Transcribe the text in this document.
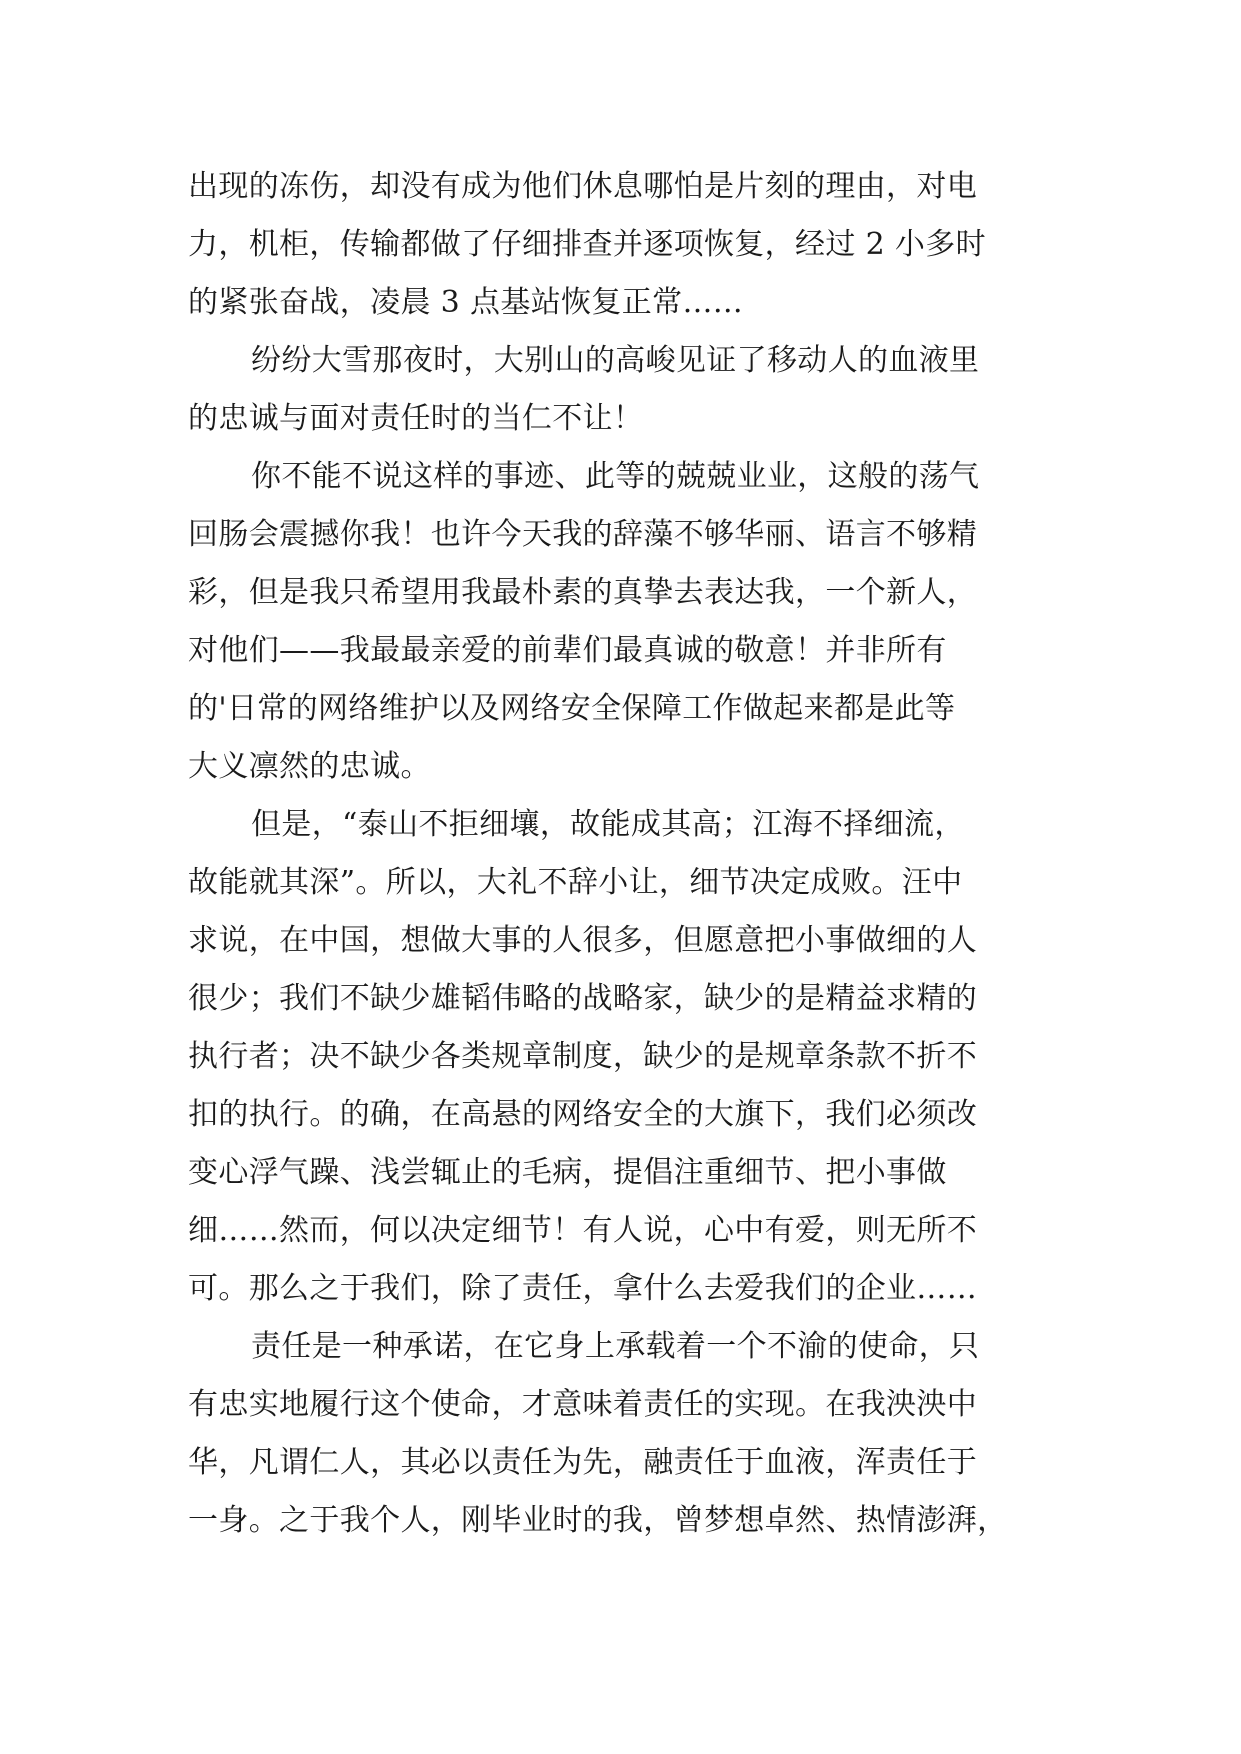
出现的冻伤，却没有成为他们休息哪怕是片刻的理由，对电
力，机柜，传输都做了仔细排查并逐项恢复，经过 2 小多时
的紧张奋战，凌晨 3 点基站恢复正常……
纷纷大雪那夜时，大别山的高峻见证了移动人的血液里
的忠诚与面对责任时的当仁不让！
你不能不说这样的事迹、此等的兢兢业业，这般的荡气
回肠会震撼你我！也许今天我的辞藻不够华丽、语言不够精
彩，但是我只希望用我最朴素的真挚去表达我，一个新人，
对他们——我最最亲爱的前辈们最真诚的敬意！并非所有
的'日常的网络维护以及网络安全保障工作做起来都是此等
大义凛然的忠诚。
但是，“泰山不拒细壤，故能成其高；江海不择细流，
故能就其深”。所以，大礼不辞小让，细节决定成败。汪中
求说，在中国，想做大事的人很多，但愿意把小事做细的人
很少；我们不缺少雄韬伟略的战略家，缺少的是精益求精的
执行者；决不缺少各类规章制度，缺少的是规章条款不折不
扣的执行。的确，在高悬的网络安全的大旗下，我们必须改
变心浮气躁、浅尝辄止的毛病，提倡注重细节、把小事做
细……然而，何以决定细节！有人说，心中有爱，则无所不
可。那么之于我们，除了责任，拿什么去爱我们的企业……
责任是一种承诺，在它身上承载着一个不渝的使命，只
有忠实地履行这个使命，才意味着责任的实现。在我泱泱中
华，凡谓仁人，其必以责任为先，融责任于血液，浑责任于
一身。之于我个人，刚毕业时的我，曾梦想卓然、热情澎湃，
